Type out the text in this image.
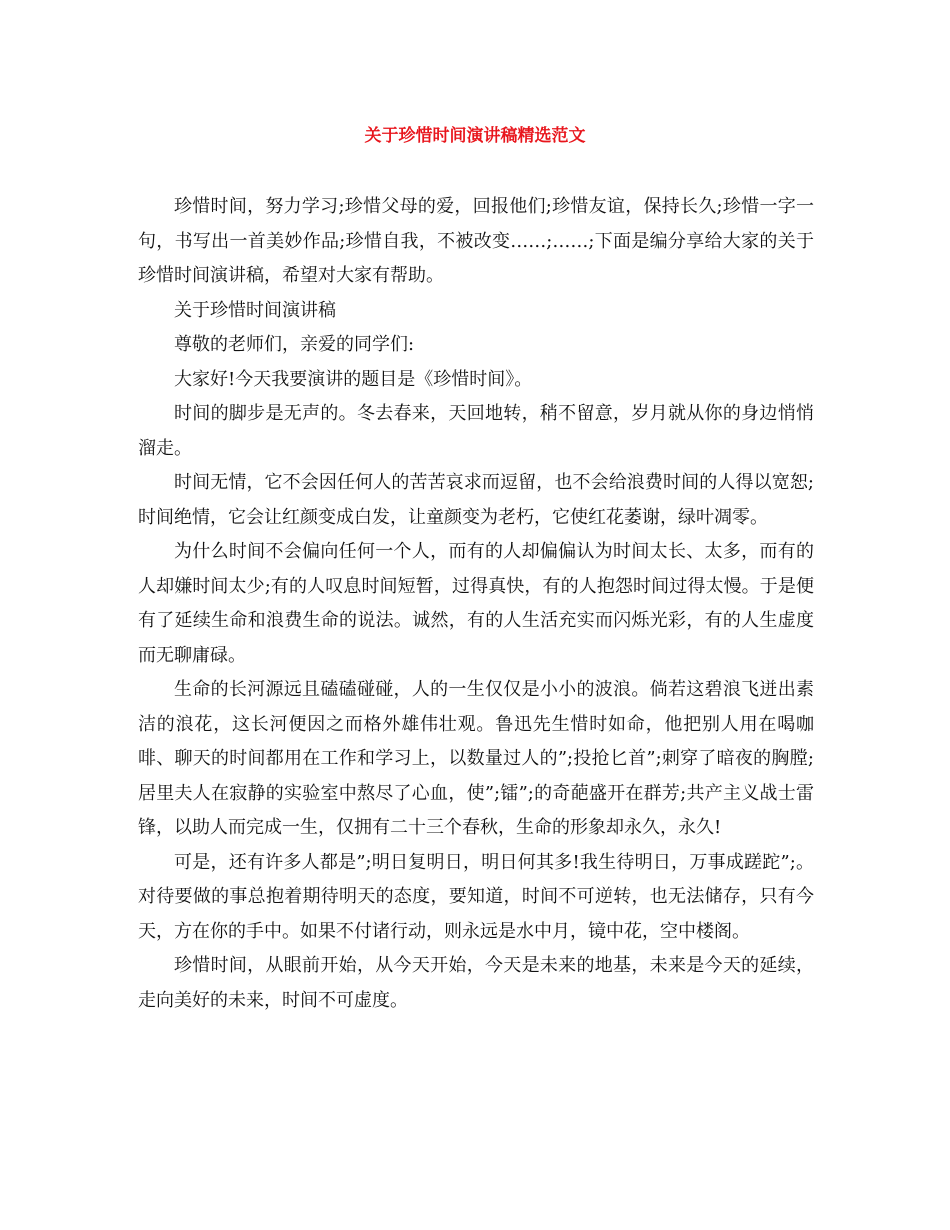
关于珍惜时间演讲稿精选范文

珍惜时间，努力学习;珍惜父母的爱，回报他们;珍惜友谊，保持长久;珍惜一字一句，书写出一首美妙作品;珍惜自我，不被改变……;……;下面是编分享给大家的关于珍惜时间演讲稿，希望对大家有帮助。

关于珍惜时间演讲稿

尊敬的老师们，亲爱的同学们:

大家好!今天我要演讲的题目是《珍惜时间》。

时间的脚步是无声的。冬去春来，天回地转，稍不留意，岁月就从你的身边悄悄溜走。

时间无情，它不会因任何人的苦苦哀求而逗留，也不会给浪费时间的人得以宽恕;时间绝情，它会让红颜变成白发，让童颜变为老朽，它使红花萎谢，绿叶凋零。

为什么时间不会偏向任何一个人，而有的人却偏偏认为时间太长、太多，而有的人却嫌时间太少;有的人叹息时间短暂，过得真快，有的人抱怨时间过得太慢。于是便有了延续生命和浪费生命的说法。诚然，有的人生活充实而闪烁光彩，有的人生虚度而无聊庸碌。

生命的长河源远且磕磕碰碰，人的一生仅仅是小小的波浪。倘若这碧浪飞迸出素洁的浪花，这长河便因之而格外雄伟壮观。鲁迅先生惜时如命，他把别人用在喝咖啡、聊天的时间都用在工作和学习上，以数量过人的”;投抢匕首”;刺穿了暗夜的胸膛;居里夫人在寂静的实验室中熬尽了心血，使”;镭”;的奇葩盛开在群芳;共产主义战士雷锋，以助人而完成一生，仅拥有二十三个春秋，生命的形象却永久，永久!

可是，还有许多人都是”;明日复明日，明日何其多!我生待明日，万事成蹉跎”;。对待要做的事总抱着期待明天的态度，要知道，时间不可逆转，也无法储存，只有今天，方在你的手中。如果不付诸行动，则永远是水中月，镜中花，空中楼阁。

珍惜时间，从眼前开始，从今天开始，今天是未来的地基，未来是今天的延续，走向美好的未来，时间不可虚度。
